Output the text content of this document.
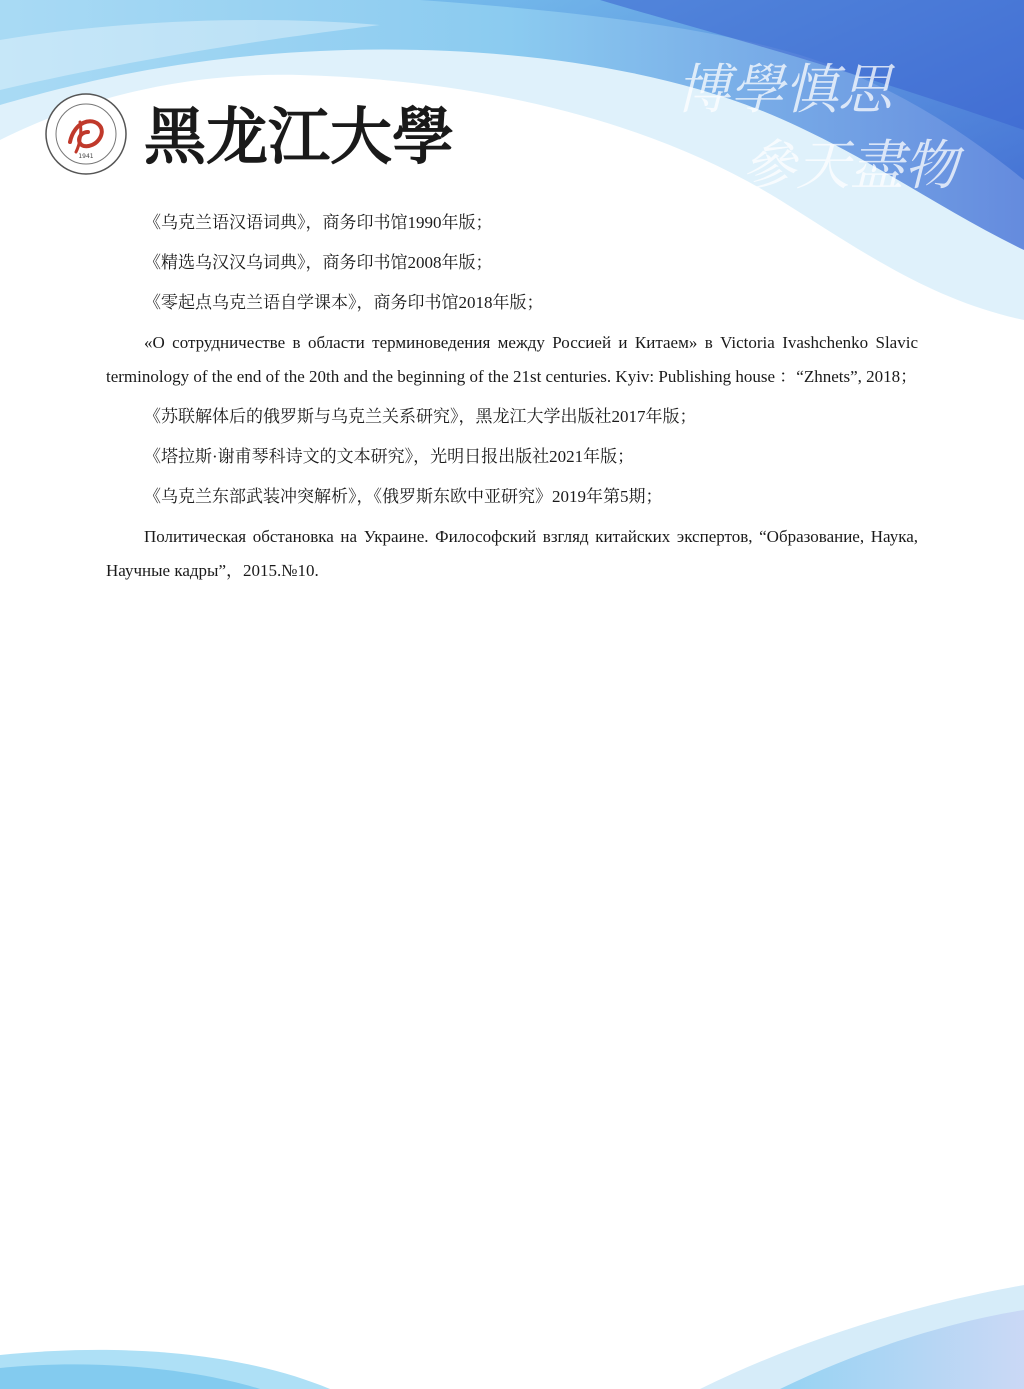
1941 黑龙江大學
博學慎思
參天盡物

《乌克兰语汉语词典》，商务印书馆1990年版；

《精选乌汉汉乌词典》，商务印书馆2008年版；

《零起点乌克兰语自学课本》，商务印书馆2018年版；

«О сотрудничестве в области терминоведения между Россией и Китаем» в Victoria Ivashchenko Slavic terminology of the end of the 20th and the beginning of the 21st centuries. Kyiv: Publishing house ：“Zhnets”, 2018；

《苏联解体后的俄罗斯与乌克兰关系研究》，黑龙江大学出版社2017年版；

《塔拉斯·谢甫琴科诗文的文本研究》，光明日报出版社2021年版；

《乌克兰东部武装冲突解析》，《俄罗斯东欧中亚研究》2019年第5期；

Политическая обстановка на Украине. Философский взгляд китайских экспертов, “Образование, Наука, Научные кадры”，2015.№10.
